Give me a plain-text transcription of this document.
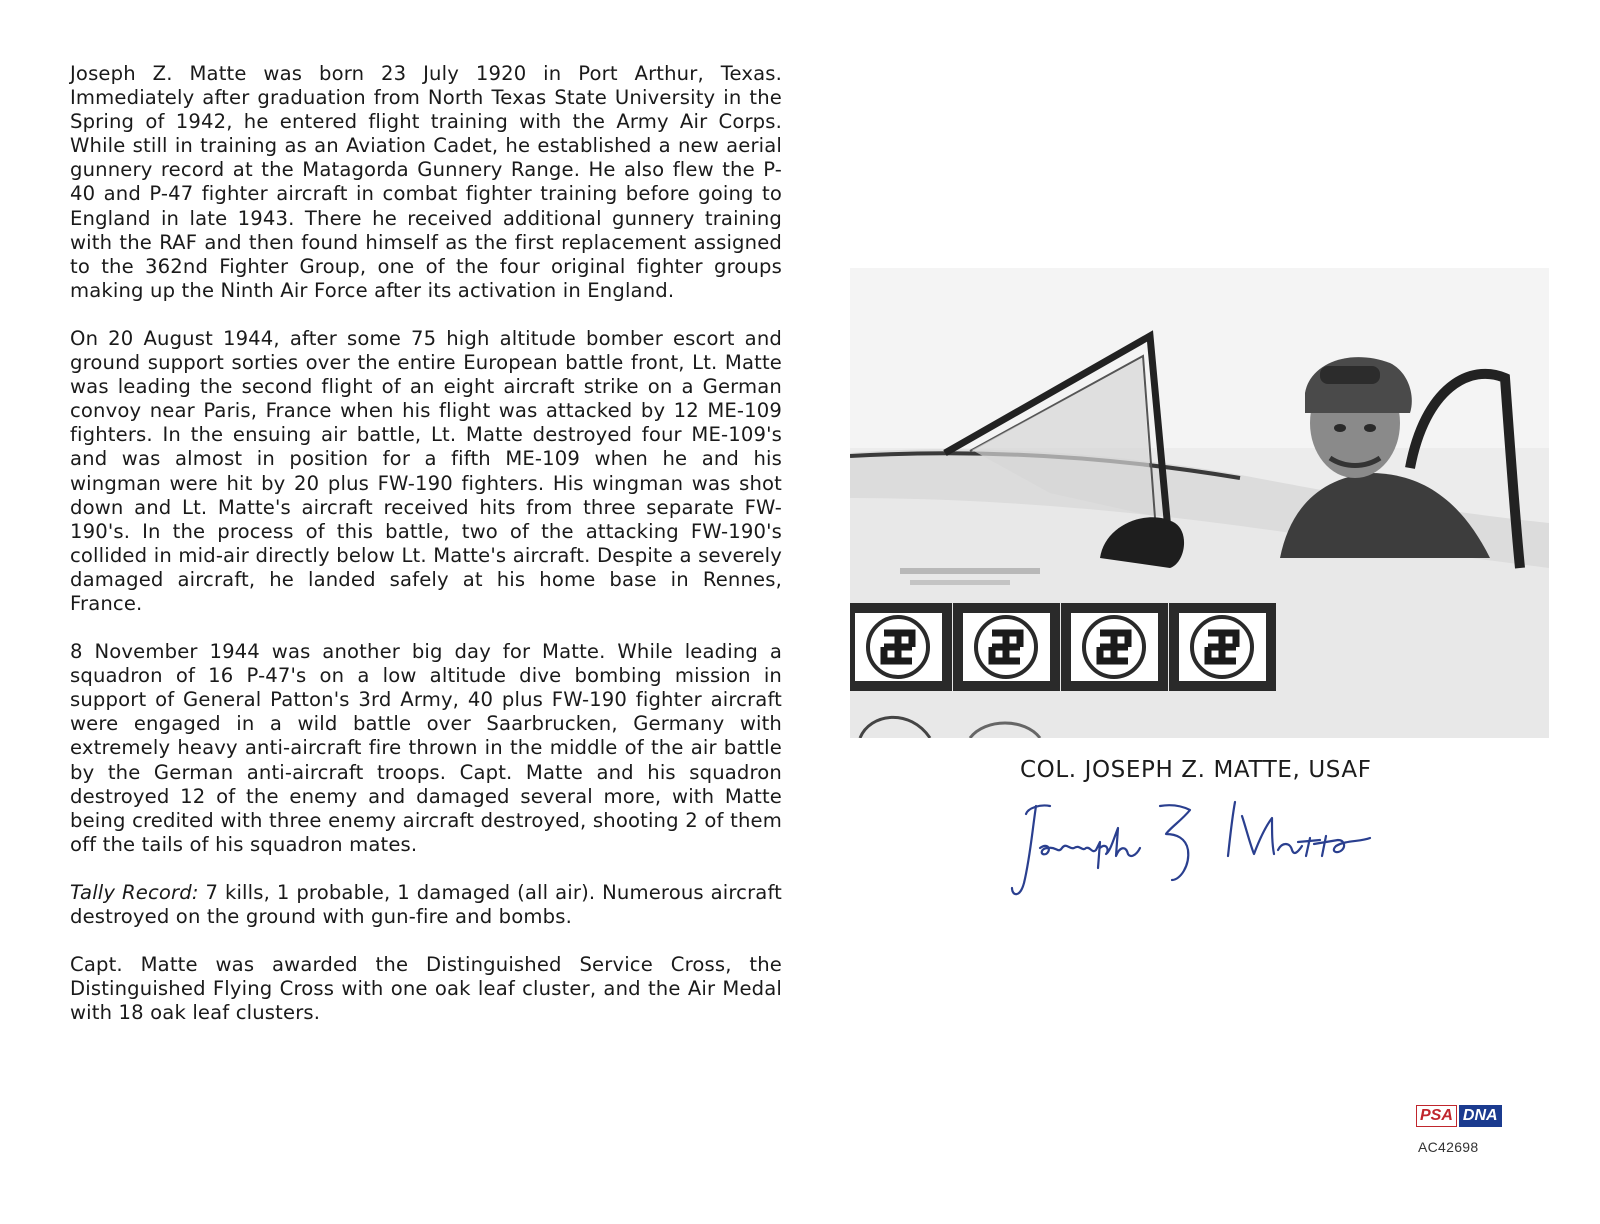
Joseph Z. Matte was born 23 July 1920 in Port Arthur, Texas. Immediately after graduation from North Texas State University in the Spring of 1942, he entered flight training with the Army Air Corps. While still in training as an Aviation Cadet, he established a new aerial gunnery record at the Matagorda Gunnery Range. He also flew the P-40 and P-47 fighter aircraft in combat fighter training before going to England in late 1943. There he received additional gunnery training with the RAF and then found himself as the first replacement assigned to the 362nd Fighter Group, one of the four original fighter groups making up the Ninth Air Force after its activation in England.

On 20 August 1944, after some 75 high altitude bomber escort and ground support sorties over the entire European battle front, Lt. Matte was leading the second flight of an eight aircraft strike on a German convoy near Paris, France when his flight was attacked by 12 ME-109 fighters. In the ensuing air battle, Lt. Matte destroyed four ME-109's and was almost in position for a fifth ME-109 when he and his wingman were hit by 20 plus FW-190 fighters. His wingman was shot down and Lt. Matte's aircraft received hits from three separate FW-190's. In the process of this battle, two of the attacking FW-190's collided in mid-air directly below Lt. Matte's aircraft. Despite a severely damaged aircraft, he landed safely at his home base in Rennes, France.

8 November 1944 was another big day for Matte. While leading a squadron of 16 P-47's on a low altitude dive bombing mission in support of General Patton's 3rd Army, 40 plus FW-190 fighter aircraft were engaged in a wild battle over Saarbrucken, Germany with extremely heavy anti-aircraft fire thrown in the middle of the air battle by the German anti-aircraft troops. Capt. Matte and his squadron destroyed 12 of the enemy and damaged several more, with Matte being credited with three enemy aircraft destroyed, shooting 2 of them off the tails of his squadron mates.

Tally Record: 7 kills, 1 probable, 1 damaged (all air). Numerous aircraft destroyed on the ground with gun-fire and bombs.

Capt. Matte was awarded the Distinguished Service Cross, the Distinguished Flying Cross with one oak leaf cluster, and the Air Medal with 18 oak leaf clusters.

COL. JOSEPH Z. MATTE, USAF
PSA DNA
AC42698
